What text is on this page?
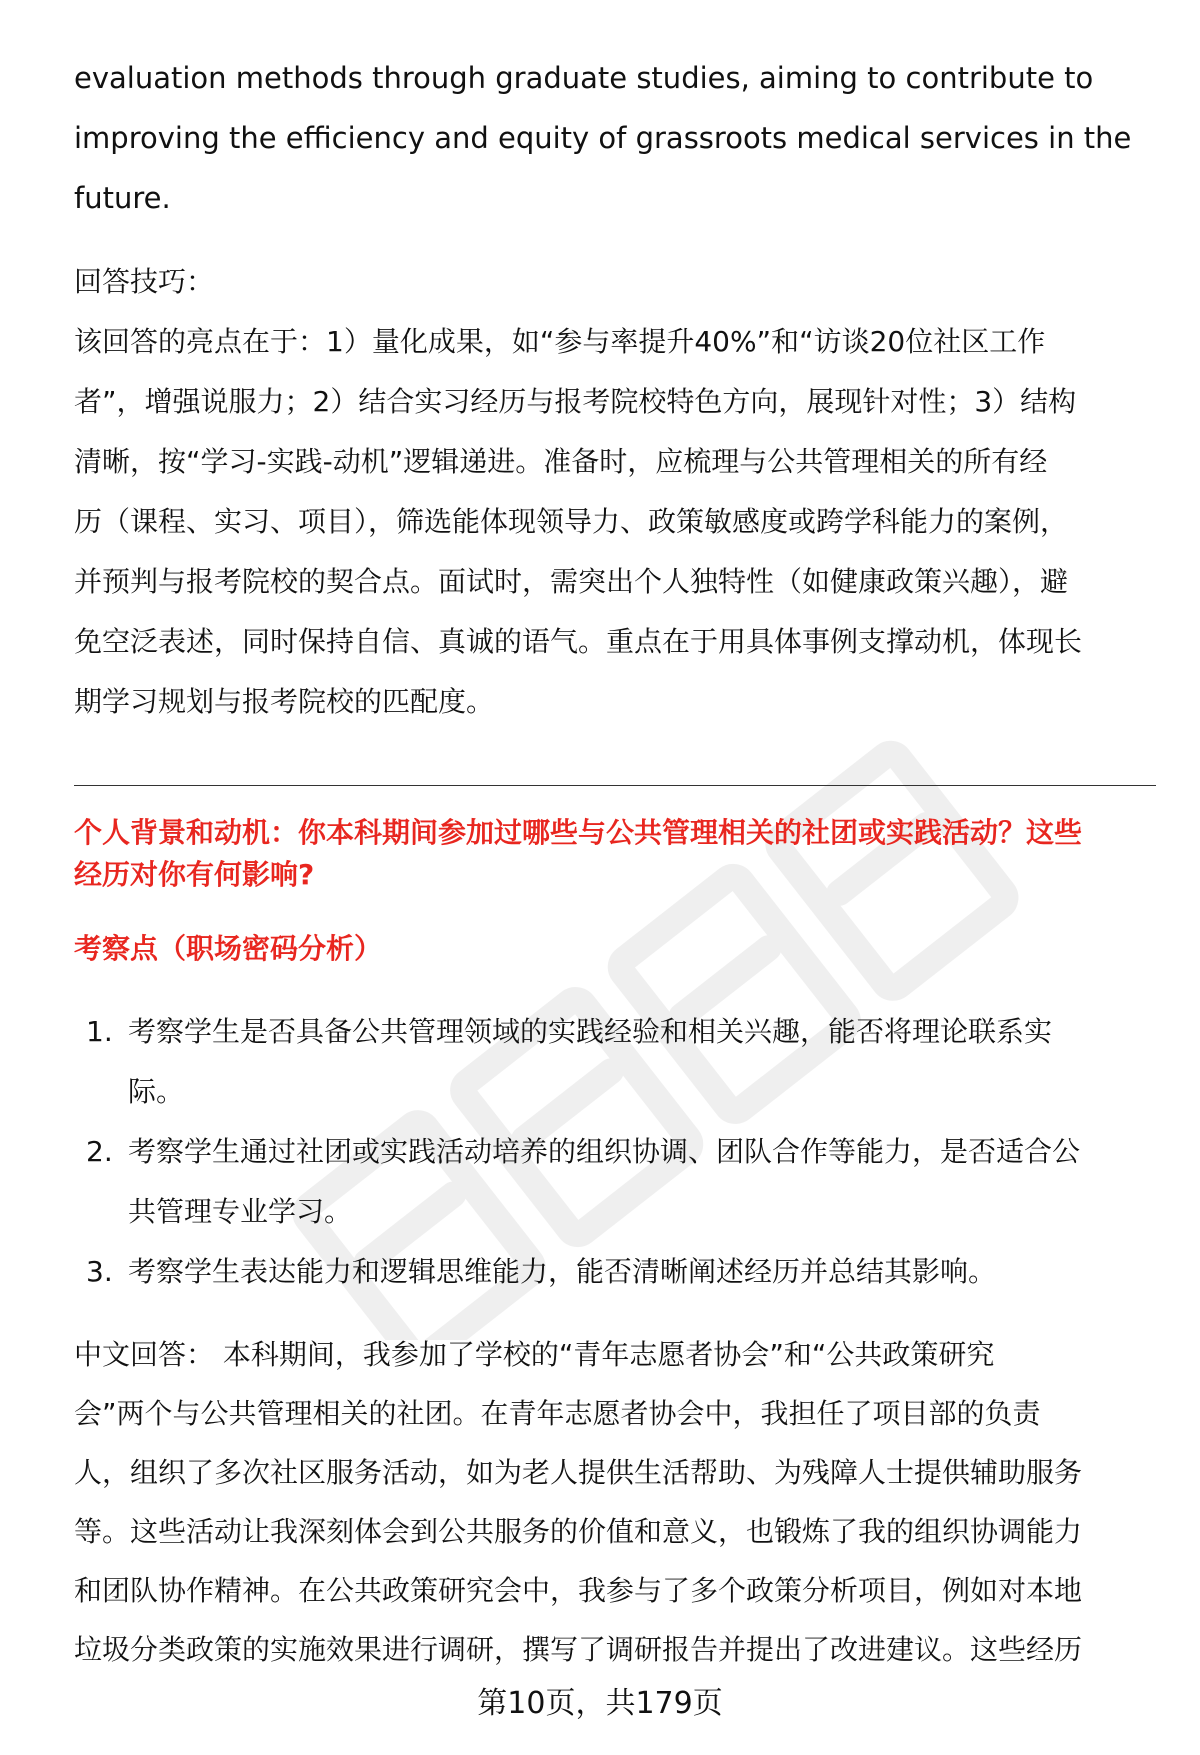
evaluation methods through graduate studies, aiming to contribute to

improving the efficiency and equity of grassroots medical services in the

future.

回答技巧：

该回答的亮点在于：1）量化成果，如“参与率提升40%”和“访谈20位社区工作

者”，增强说服力；2）结合实习经历与报考院校特色方向，展现针对性；3）结构

清晰，按“学习-实践-动机”逻辑递进。准备时，应梳理与公共管理相关的所有经

历（课程、实习、项目），筛选能体现领导力、政策敏感度或跨学科能力的案例，

并预判与报考院校的契合点。面试时，需突出个人独特性（如健康政策兴趣），避

免空泛表述，同时保持自信、真诚的语气。重点在于用具体事例支撑动机，体现长

期学习规划与报考院校的匹配度。

个人背景和动机：你本科期间参加过哪些与公共管理相关的社团或实践活动？这些
经历对你有何影响?

考察点（职场密码分析）

1. 考察学生是否具备公共管理领域的实践经验和相关兴趣，能否将理论联系实
际。
2. 考察学生通过社团或实践活动培养的组织协调、团队合作等能力，是否适合公
共管理专业学习。
3. 考察学生表达能力和逻辑思维能力，能否清晰阐述经历并总结其影响。
中文回答： 本科期间，我参加了学校的“青年志愿者协会”和“公共政策研究
会”两个与公共管理相关的社团。在青年志愿者协会中，我担任了项目部的负责
人，组织了多次社区服务活动，如为老人提供生活帮助、为残障人士提供辅助服务
等。这些活动让我深刻体会到公共服务的价值和意义，也锻炼了我的组织协调能力
和团队协作精神。在公共政策研究会中，我参与了多个政策分析项目，例如对本地
垃圾分类政策的实施效果进行调研，撰写了调研报告并提出了改进建议。这些经历
第10页，共179页
